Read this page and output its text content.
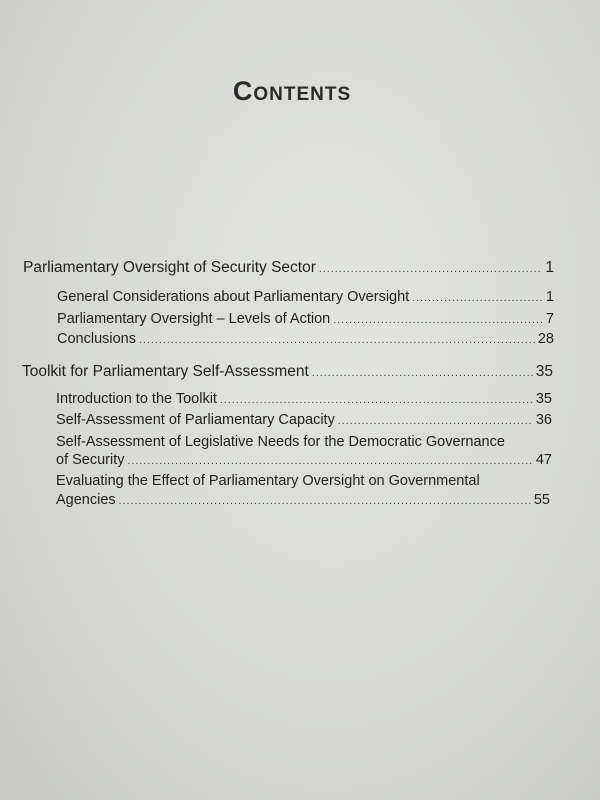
Contents
Parliamentary Oversight of Security Sector .....	1
General Considerations about Parliamentary Oversight .....	1
Parliamentary Oversight – Levels of Action .....	7
Conclusions .....	28
Toolkit for Parliamentary Self-Assessment .....	35
Introduction to the Toolkit .....	35
Self-Assessment of Parliamentary Capacity .....	36
Self-Assessment of Legislative Needs for the Democratic Governance
of Security .....	47
Evaluating the Effect of Parliamentary Oversight on Governmental
Agencies .....	55
